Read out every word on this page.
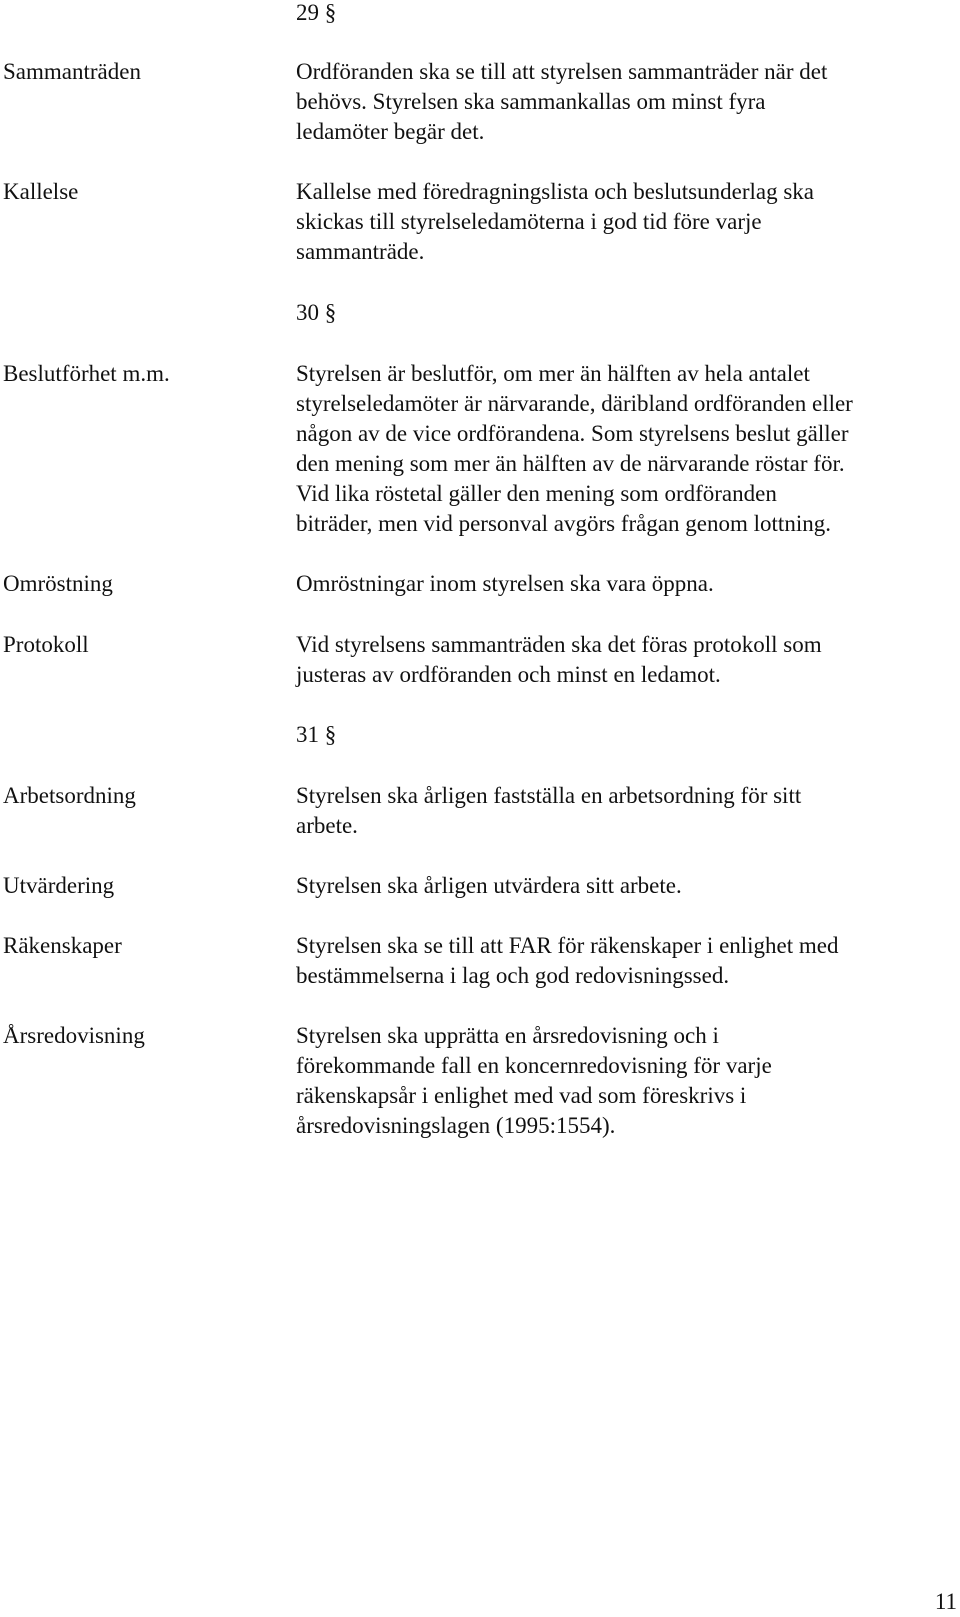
29 §
Sammanträden	Ordföranden ska se till att styrelsen sammanträder när det
behövs. Styrelsen ska sammankallas om minst fyra
ledamöter begär det.
Kallelse	Kallelse med föredragningslista och beslutsunderlag ska
skickas till styrelseledamöterna i god tid före varje
sammanträde.
30 §
Beslutförhet m.m.	Styrelsen är beslutför, om mer än hälften av hela antalet
styrelseledamöter är närvarande, däribland ordföranden eller
någon av de vice ordförandena. Som styrelsens beslut gäller
den mening som mer än hälften av de närvarande röstar för.
Vid lika röstetal gäller den mening som ordföranden
biträder, men vid personval avgörs frågan genom lottning.
Omröstning	Omröstningar inom styrelsen ska vara öppna.
Protokoll	Vid styrelsens sammanträden ska det föras protokoll som
justeras av ordföranden och minst en ledamot.
31 §
Arbetsordning	Styrelsen ska årligen fastställa en arbetsordning för sitt
arbete.
Utvärdering	Styrelsen ska årligen utvärdera sitt arbete.
Räkenskaper	Styrelsen ska se till att FAR för räkenskaper i enlighet med
bestämmelserna i lag och god redovisningssed.
Årsredovisning	Styrelsen ska upprätta en årsredovisning och i
förekommande fall en koncernredovisning för varje
räkenskapsår i enlighet med vad som föreskrivs i
årsredovisningslagen (1995:1554).
11
